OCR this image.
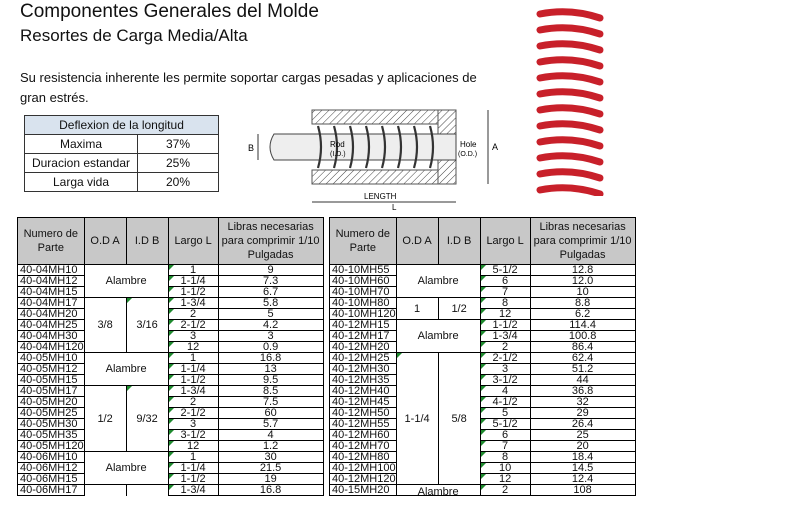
Componentes Generales del Molde
Resortes de Carga Media/Alta
Su resistencia inherente les permite soportar cargas pesadas y aplicaciones de gran estrés.
Deflexion de la longitud	
Maxima	37%
Duracion estandar	25%
Larga vida	20%
B	Rod
(I.D.)
Hole
(O.D.)
A
LENGTH
L
Numero de Parte	O.D A	I.D B	Largo L	Libras necesarias para comprimir 1/10 Pulgadas
40-04MH10	Alambre		1	9
40-04MH12			1-1/4	7.3
40-04MH15			1-1/2	6.7
40-04MH17	3/8	3/16	1-3/4	5.8
40-04MH20			2	5
40-04MH25			2-1/2	4.2
40-04MH30			3	3
40-04MH120			12	0.9
40-05MH10	Alambre		1	16.8
40-05MH12			1-1/4	13
40-05MH15			1-1/2	9.5
40-05MH17	1/2	9/32	1-3/4	8.5
40-05MH20			2	7.5
40-05MH25			2-1/2	60
40-05MH30			3	5.7
40-05MH35			3-1/2	4
40-05MH120			12	1.2
40-06MH10	Alambre		1	30
40-06MH12			1-1/4	21.5
40-06MH15			1-1/2	19
40-06MH17			1-3/4	16.8
Numero de Parte	O.D A	I.D B	Largo L	Libras necesarias para comprimir 1/10 Pulgadas
40-10MH55	Alambre		5-1/2	12.8
40-10MH60			6	12.0
40-10MH70			7	10
40-10MH80	1	1/2	8	8.8
40-10MH120			12	6.2
40-12MH15	Alambre		1-1/2	114.4
40-12MH17			1-3/4	100.8
40-12MH20			2	86.4
40-12MH25	1-1/4	5/8	2-1/2	62.4
40-12MH30			3	51.2
40-12MH35			3-1/2	44
40-12MH40			4	36.8
40-12MH45			4-1/2	32
40-12MH50			5	29
40-12MH55			5-1/2	26.4
40-12MH60			6	25
40-12MH70			7	20
40-12MH80			8	18.4
40-12MH100			10	14.5
40-12MH120			12	12.4
40-15MH20	Alambre		2	108
